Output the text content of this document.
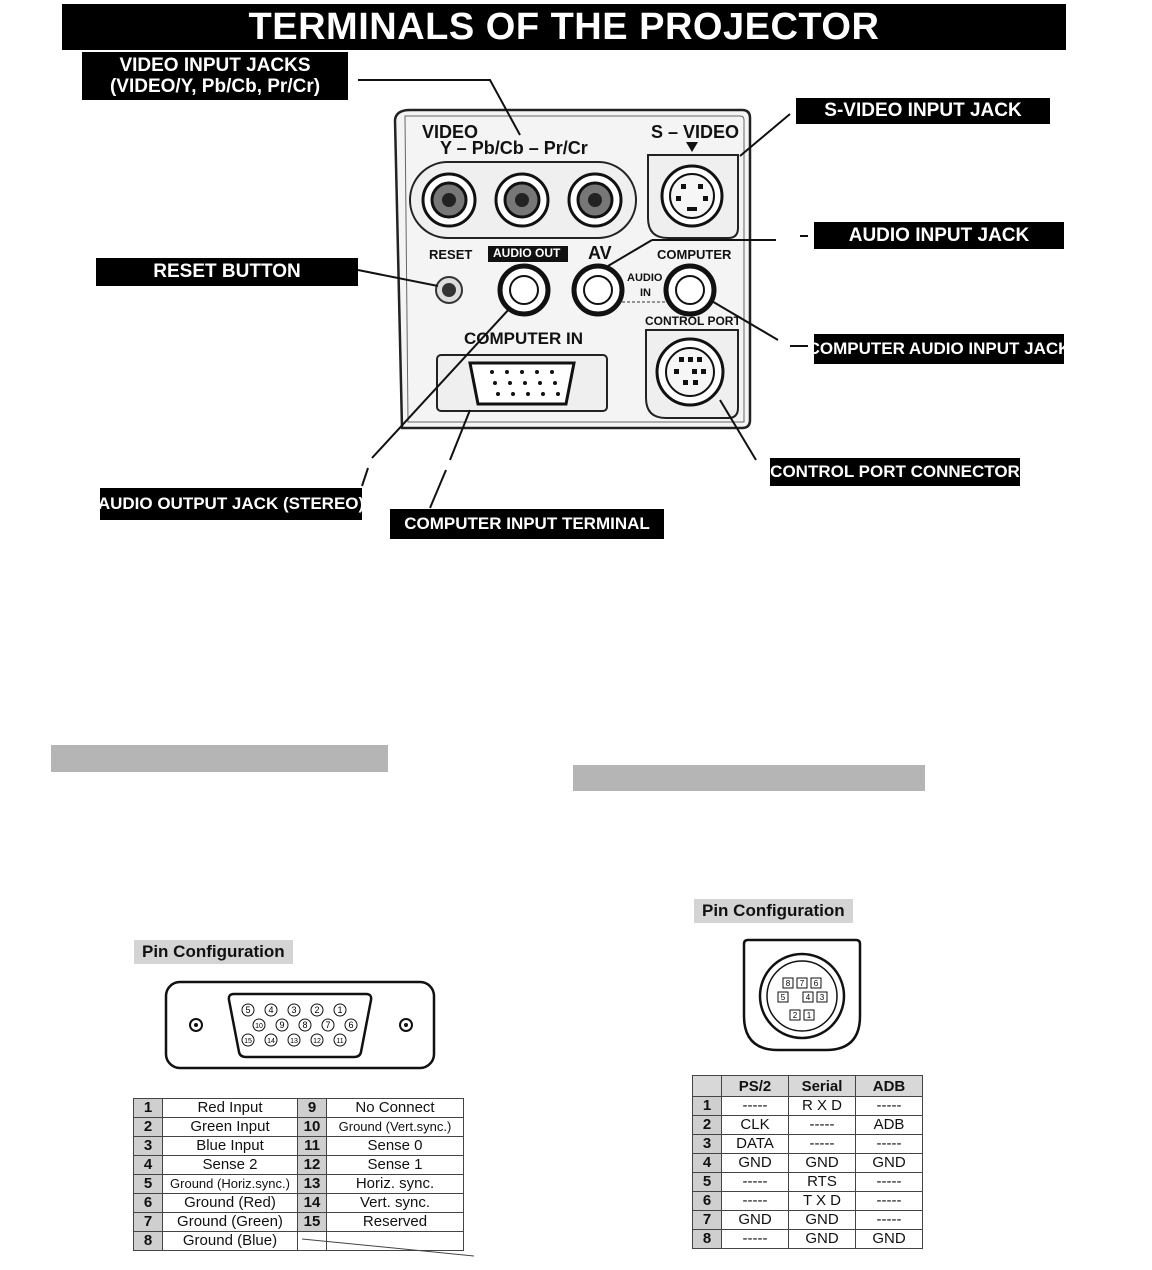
TERMINALS OF THE PROJECTOR
VIDEO
Y – Pb/Cb – Pr/Cr
S – VIDEO
RESET AUDIO OUT AV	COMPUTER
AUDIO
IN
CONTROL PORT
COMPUTER IN
VIDEO INPUT JACKS
(VIDEO/Y, Pb/Cb, Pr/Cr)
S-VIDEO INPUT JACK
AUDIO INPUT JACK
RESET BUTTON
COMPUTER AUDIO INPUT JACK
CONTROL PORT CONNECTOR
AUDIO OUTPUT JACK (STEREO)
COMPUTER INPUT TERMINAL
Pin Configuration
5 4 3 2 1
10 9 8 7 6
15 14 13 12 11
1	Red Input	9	No Connect
2	Green Input	10	Ground (Vert.sync.)
3	Blue Input	11	Sense 0
4	Sense 2	12	Sense 1
5	Ground (Horiz.sync.)	13	Horiz. sync.
6	Ground (Red)	14	Vert. sync.
7	Ground (Green)	15	Reserved
8	Ground (Blue)		
Pin Configuration
8 7 6
5	4 3
2 1
	PS/2	Serial	ADB
1	-----	R X D	-----
2	CLK	-----	ADB
3	DATA	-----	-----
4	GND	GND	GND
5	-----	RTS	-----
6	-----	T X D	-----
7	GND	GND	-----
8	-----	GND	GND
